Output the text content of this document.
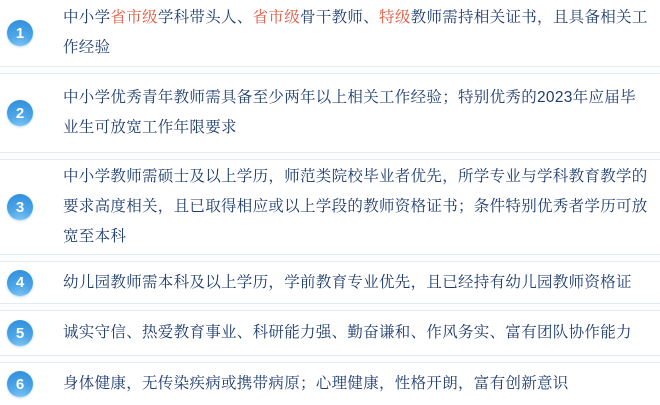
1

中小学省市级学科带头人、省市级骨干教师、特级教师需持相关证书，且具备相关工作经验

2

中小学优秀青年教师需具备至少两年以上相关工作经验；特别优秀的2023年应届毕业生可放宽工作年限要求

3

中小学教师需硕士及以上学历，师范类院校毕业者优先，所学专业与学科教育教学的要求高度相关，且已取得相应或以上学段的教师资格证书；条件特别优秀者学历可放宽至本科

4	幼儿园教师需本科及以上学历，学前教育专业优先，且已经持有幼儿园教师资格证

5	诚实守信、热爱教育事业、科研能力强、勤奋谦和、作风务实、富有团队协作能力

6	身体健康，无传染疾病或携带病原；心理健康，性格开朗，富有创新意识
